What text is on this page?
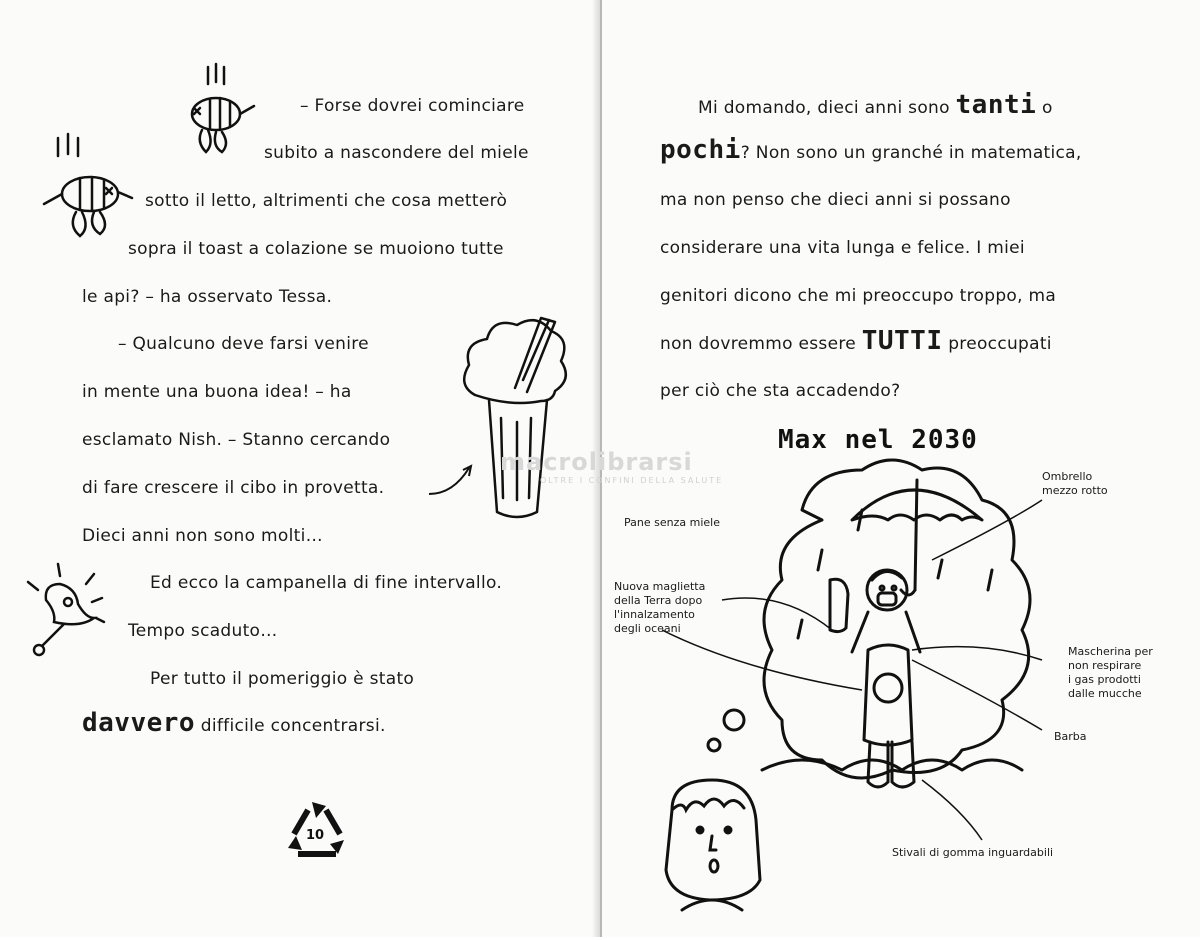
– Forse dovrei cominciare
subito a nascondere del miele
sotto il letto, altrimenti che cosa metterò
sopra il toast a colazione se muoiono tutte
le api? – ha osservato Tessa.
– Qualcuno deve farsi venire
in mente una buona idea! – ha
esclamato Nish. – Stanno cercando
di fare crescere il cibo in provetta.
Dieci anni non sono molti…
Ed ecco la campanella di fine intervallo.
Tempo scaduto…
Per tutto il pomeriggio è stato
davvero difficile concentrarsi.
10
Mi domando, dieci anni sono tanti o
pochi? Non sono un granché in matematica,
ma non penso che dieci anni si possano
considerare una vita lunga e felice. I miei
genitori dicono che mi preoccupo troppo, ma
non dovremmo essere TUTTI preoccupati
per ciò che sta accadendo?
Max nel 2030
Pane senza miele
Ombrello
mezzo rotto
Nuova maglietta
della Terra dopo
l'innalzamento
degli oceani
Mascherina per
non respirare
i gas prodotti
dalle mucche
Barba
Stivali di gomma inguardabili
macrolibrarsi
OLTRE I CONFINI DELLA SALUTE
